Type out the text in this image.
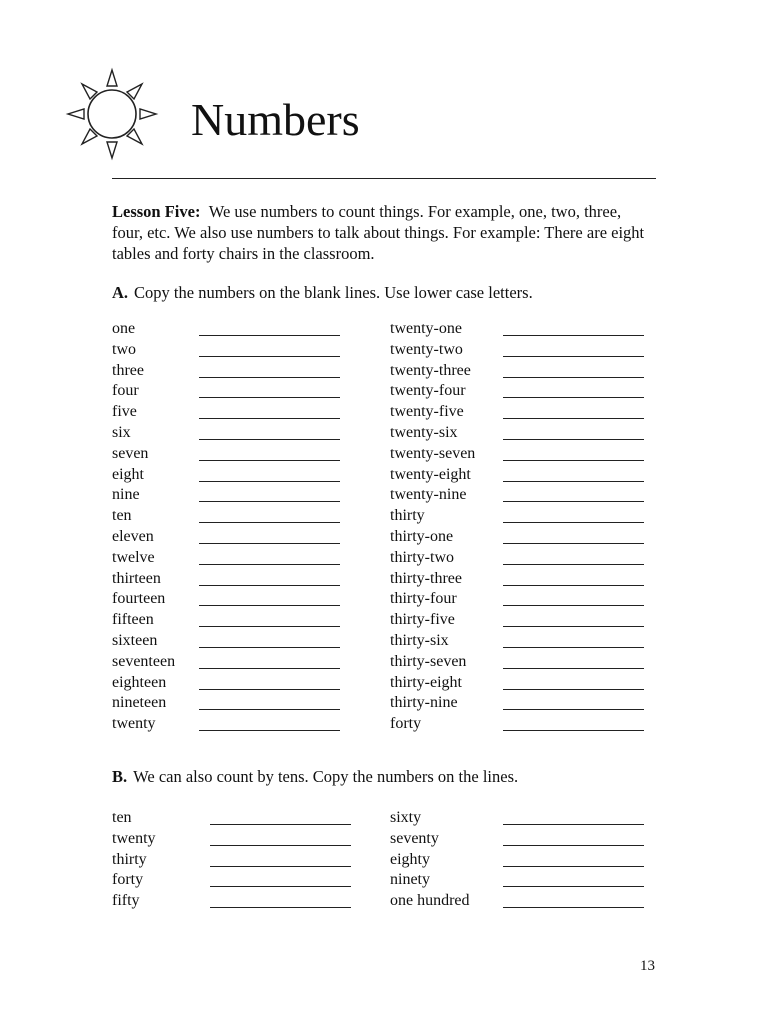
Numbers
Lesson Five: We use numbers to count things. For example, one, two, three, four, etc. We also use numbers to talk about things. For example: There are eight tables and forty chairs in the classroom.
A. Copy the numbers on the blank lines. Use lower case letters.
one
two
three
four
five
six
seven
eight
nine
ten
eleven
twelve
thirteen
fourteen
fifteen
sixteen
seventeen
eighteen
nineteen
twenty
twenty-one
twenty-two
twenty-three
twenty-four
twenty-five
twenty-six
twenty-seven
twenty-eight
twenty-nine
thirty
thirty-one
thirty-two
thirty-three
thirty-four
thirty-five
thirty-six
thirty-seven
thirty-eight
thirty-nine
forty
B. We can also count by tens. Copy the numbers on the lines.
ten
twenty
thirty
forty
fifty
sixty
seventy
eighty
ninety
one hundred
13
